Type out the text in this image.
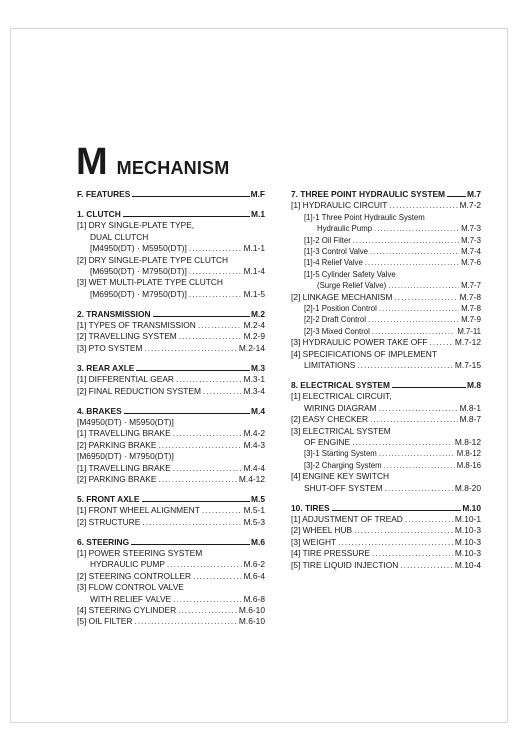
M MECHANISM
F. FEATURES	M.F
1. CLUTCH	M.1
[1] DRY SINGLE-PLATE TYPE,
DUAL CLUTCH
[M4950(DT) · M5950(DT)] .....	M.1-1
[2] DRY SINGLE-PLATE TYPE CLUTCH
[M6950(DT) · M7950(DT)] .....	M.1-4
[3] WET MULTI-PLATE TYPE CLUTCH
[M6950(DT) · M7950(DT)] .....	M.1-5
2. TRANSMISSION	M.2
[1] TYPES OF TRANSMISSION .....	M.2-4
[2] TRAVELLING SYSTEM .....	M.2-9
[3] PTO SYSTEM .....	M.2-14
3. REAR AXLE	M.3
[1] DIFFERENTIAL GEAR .....	M.3-1
[2] FINAL REDUCTION SYSTEM .....	M.3-4
4. BRAKES	M.4
[M4950(DT) · M5950(DT)]
[1] TRAVELLING BRAKE .....	M.4-2
[2] PARKING BRAKE .....	M.4-3
[M6950(DT) · M7950(DT)]
[1] TRAVELLING BRAKE .....	M.4-4
[2] PARKING BRAKE .....	M.4-12
5. FRONT AXLE	M.5
[1] FRONT WHEEL ALIGNMENT .....	M.5-1
[2] STRUCTURE .....	M.5-3
6. STEERING	M.6
[1] POWER STEERING SYSTEM
HYDRAULIC PUMP .....	M.6-2
[2] STEERING CONTROLLER .....	M.6-4
[3] FLOW CONTROL VALVE
WITH RELIEF VALVE .....	M.6-8
[4] STEERING CYLINDER .....	M.6-10
[5] OIL FILTER .....	M.6-10
7. THREE POINT HYDRAULIC SYSTEM	M.7
[1] HYDRAULIC CIRCUIT .....	M.7-2
[1]-1 Three Point Hydraulic System
Hydraulic Pump .....	M.7-3
[1]-2 Oil Filter .....	M.7-3
[1]-3 Control Valve .....	M.7-4
[1]-4 Relief Valve .....	M.7-6
[1]-5 Cylinder Safety Valve
(Surge Relief Valve) .....	M.7-7
[2] LINKAGE MECHANISM .....	M.7-8
[2]-1 Position Control .....	M.7-8
[2]-2 Draft Control .....	M.7-9
[2]-3 Mixed Control .....	M.7-11
[3] HYDRAULIC POWER TAKE OFF .....	M.7-12
[4] SPECIFICATIONS OF IMPLEMENT
LIMITATIONS .....	M.7-15
8. ELECTRICAL SYSTEM	M.8
[1] ELECTRICAL CIRCUIT,
WIRING DIAGRAM .....	M.8-1
[2] EASY CHECKER .....	M.8-7
[3] ELECTRICAL SYSTEM
OF ENGINE .....	M.8-12
[3]-1 Starting System .....	M.8-12
[3]-2 Charging System .....	M.8-16
[4] ENGINE KEY SWITCH
SHUT-OFF SYSTEM .....	M.8-20
10. TIRES	M.10
[1] ADJUSTMENT OF TREAD .....	M.10-1
[2] WHEEL HUB .....	M.10-3
[3] WEIGHT .....	M.10-3
[4] TIRE PRESSURE .....	M.10-3
[5] TIRE LIQUID INJECTION .....	M.10-4
